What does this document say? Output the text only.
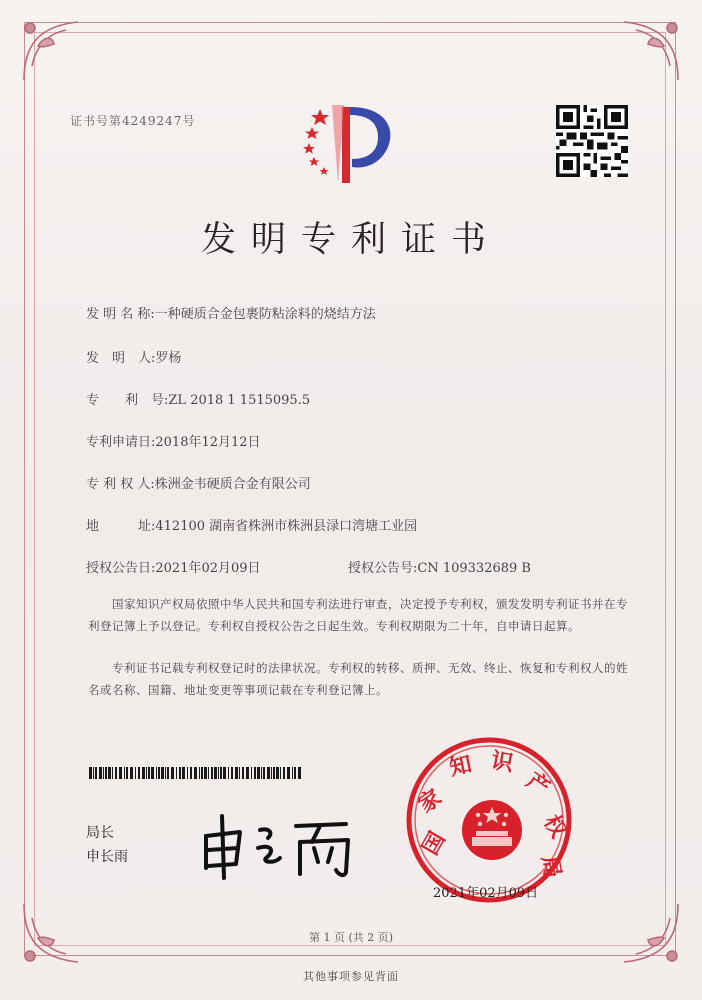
证书号第4249247号
发明专利证书
发 明 名 称:一种硬质合金包裹防粘涂料的烧结方法
发　明　人:罗杨
专　　利　号:ZL 2018 1 1515095.5
专利申请日:2018年12月12日
专 利 权 人:株洲金韦硬质合金有限公司
地　　　址:412100 湖南省株洲市株洲县渌口湾塘工业园
授权公告日:2021年02月09日	授权公告号:CN 109332689 B
国家知识产权局依照中华人民共和国专利法进行审查，决定授予专利权，颁发发明专利证书并在专利登记簿上予以登记。专利权自授权公告之日起生效。专利权期限为二十年，自申请日起算。
专利证书记载专利权登记时的法律状况。专利权的转移、质押、无效、终止、恢复和专利权人的姓名或名称、国籍、地址变更等事项记载在专利登记簿上。
局长
申长雨	国
家
知 识
产
权
局
2021年02月09日
第 1 页 (共 2 页)
其他事项参见背面
